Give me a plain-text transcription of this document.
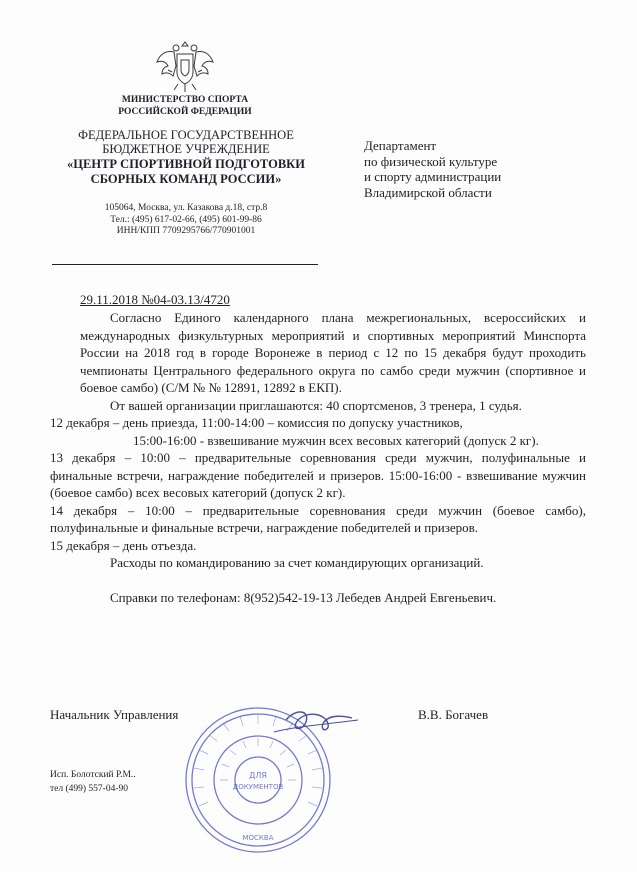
МИНИСТЕРСТВО СПОРТА
РОССИЙСКОЙ ФЕДЕРАЦИИ
ФЕДЕРАЛЬНОЕ ГОСУДАРСТВЕННОЕ
БЮДЖЕТНОЕ УЧРЕЖДЕНИЕ
«ЦЕНТР СПОРТИВНОЙ ПОДГОТОВКИ
СБОРНЫХ КОМАНД РОССИИ»
105064, Москва, ул. Казакова д.18, стр.8
Тел.: (495) 617-02-66, (495) 601-99-86
ИНН/КПП 7709295766/770901001
Департамент
по физической культуре
и спорту администрации
Владимирской области
29.11.2018 №04-03.13/4720

Согласно Единого календарного плана межрегиональных, всероссийских и международных физкультурных мероприятий и спортивных мероприятий Минспорта России на 2018 год в городе Воронеже в период с 12 по 15 декабря будут проходить чемпионаты Центрального федерального округа по самбо среди мужчин (спортивное и боевое самбо) (С/М № № 12891, 12892 в ЕКП).

От вашей организации приглашаются: 40 спортсменов, 3 тренера, 1 судья.

12 декабря – день приезда, 11:00-14:00 – комиссия по допуску участников,

15:00-16:00 - взвешивание мужчин всех весовых категорий (допуск 2 кг).

13 декабря – 10:00 – предварительные соревнования среди мужчин, полуфинальные и финальные встречи, награждение победителей и призеров. 15:00-16:00 - взвешивание мужчин (боевое самбо) всех весовых категорий (допуск 2 кг).

14 декабря – 10:00 – предварительные соревнования среди мужчин (боевое самбо), полуфинальные и финальные встречи, награждение победителей и призеров.

15 декабря – день отъезда.

Расходы по командированию за счет командирующих организаций.

Справки по телефонам: 8(952)542-19-13 Лебедев Андрей Евгеньевич.

Начальник Управления	В.В. Богачев
ДЛЯ
ДОКУМЕНТОВ
МОСКВА
Исп. Болотский Р.М..
тел (499) 557-04-90
